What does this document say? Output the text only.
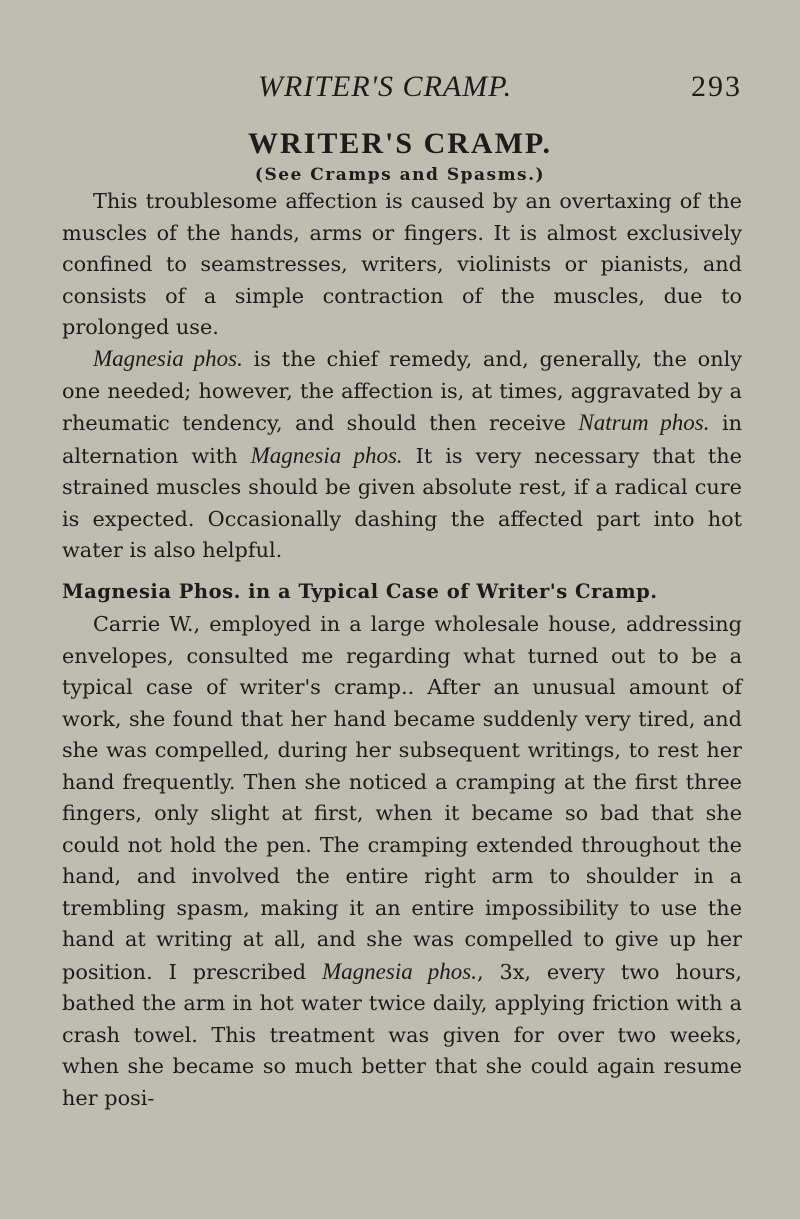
WRITER'S CRAMP.	293
WRITER'S CRAMP.
(See Cramps and Spasms.)

This troublesome affection is caused by an overtaxing of the muscles of the hands, arms or fingers. It is almost exclusively confined to seamstresses, writers, violinists or pianists, and consists of a simple contraction of the muscles, due to prolonged use.

Magnesia phos. is the chief remedy, and, generally, the only one needed; however, the affection is, at times, aggravated by a rheumatic tendency, and should then receive Natrum phos. in alternation with Magnesia phos. It is very necessary that the strained muscles should be given absolute rest, if a radical cure is expected. Occasionally dashing the affected part into hot water is also helpful.

Magnesia Phos. in a Typical Case of Writer's Cramp.

Carrie W., employed in a large wholesale house, addressing envelopes, consulted me regarding what turned out to be a typical case of writer's cramp.. After an unusual amount of work, she found that her hand became suddenly very tired, and she was compelled, during her subsequent writings, to rest her hand frequently. Then she noticed a cramping at the first three fingers, only slight at first, when it became so bad that she could not hold the pen. The cramping extended throughout the hand, and involved the entire right arm to shoulder in a trembling spasm, making it an entire impossibility to use the hand at writing at all, and she was compelled to give up her position. I prescribed Magnesia phos., 3x, every two hours, bathed the arm in hot water twice daily, applying friction with a crash towel. This treatment was given for over two weeks, when she became so much better that she could again resume her posi-
